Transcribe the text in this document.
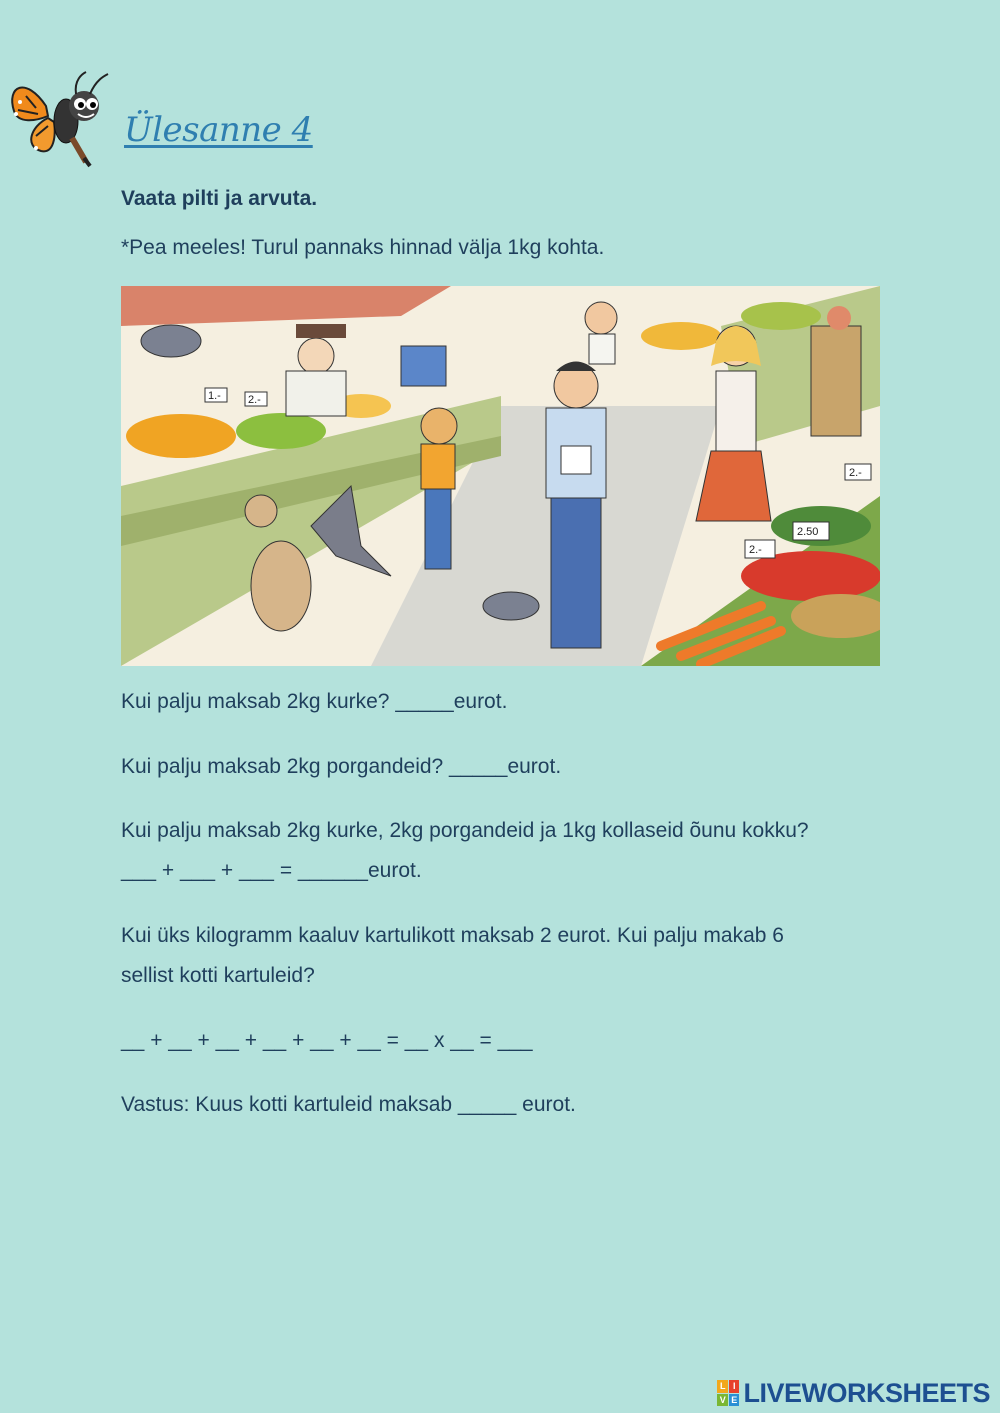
Ülesanne 4
Vaata pilti ja arvuta.
*Pea meeles! Turul pannaks hinnad välja 1kg kohta.
1.- 2.-
2.-
2.50
2.-
Kui palju maksab 2kg kurke? _____eurot.
Kui palju maksab 2kg porgandeid? _____eurot.
Kui palju maksab 2kg kurke, 2kg porgandeid ja 1kg kollaseid õunu kokku?
___ + ___ + ___ = ______eurot.
Kui üks kilogramm kaaluv kartulikott maksab 2 eurot. Kui palju makab 6
sellist kotti kartuleid?
__ + __ + __ + __ + __ + __ = __ x __ = ___
Vastus: Kuus kotti kartuleid maksab _____ eurot.
L I
V E LIVEWORKSHEETS
